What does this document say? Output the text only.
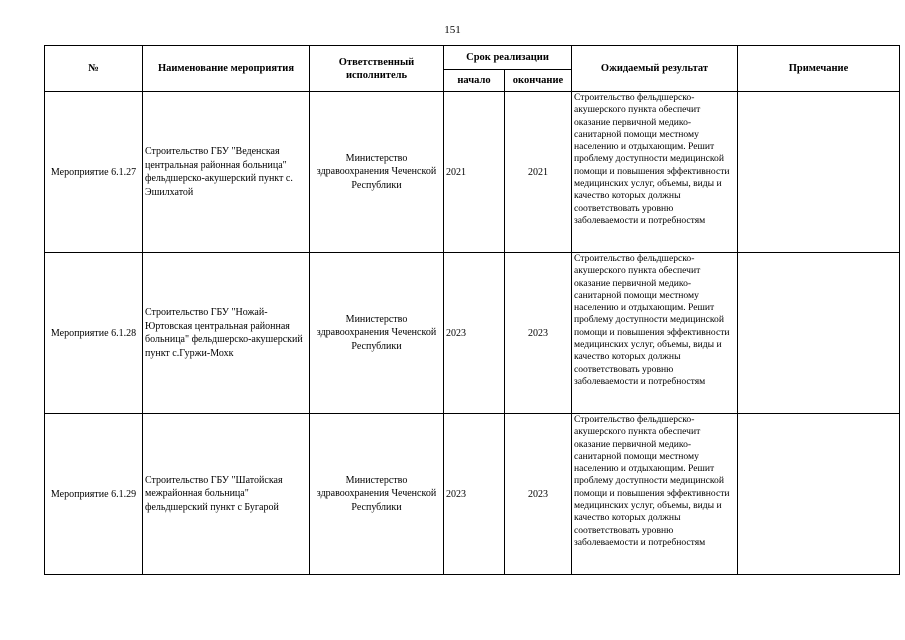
151
№	Наименование мероприятия	Ответственный исполнитель	Срок реализации		Ожидаемый результат	Примечание
			начало	окончание		
Мероприятие 6.1.27	Строительство ГБУ "Веденская центральная районная больница" фельдшерско-акушерский пункт с. Эшилхатой	Министерство здравоохранения Чеченской Республики	2021	2021	Строительство фельдшерско-акушерского пункта обеспечит оказание первичной медико-санитарной помощи местному населению и отдыхающим. Решит проблему доступности медицинской помощи и повышения эффективности медицинских услуг, объемы, виды и качество которых должны соответствовать уровню заболеваемости и потребностям	

Мероприятие 6.1.28	Строительство ГБУ "Ножай-Юртовская центральная районная больница" фельдшерско-акушерский пункт с.Гуржи-Мохк	Министерство здравоохранения Чеченской Республики	2023	2023	Строительство фельдшерско-акушерского пункта обеспечит оказание первичной медико-санитарной помощи местному населению и отдыхающим. Решит проблему доступности медицинской помощи и повышения эффективности медицинских услуг, объемы, виды и качество которых должны соответствовать уровню заболеваемости и потребностям	

Мероприятие 6.1.29	Строительство ГБУ "Шатойская межрайонная больница" фельдшерский пункт с Бугарой	Министерство здравоохранения Чеченской Республики	2023	2023	Строительство фельдшерско-акушерского пункта обеспечит оказание первичной медико-санитарной помощи местному населению и отдыхающим. Решит проблему доступности медицинской помощи и повышения эффективности медицинских услуг, объемы, виды и качество которых должны соответствовать уровню заболеваемости и потребностям	
